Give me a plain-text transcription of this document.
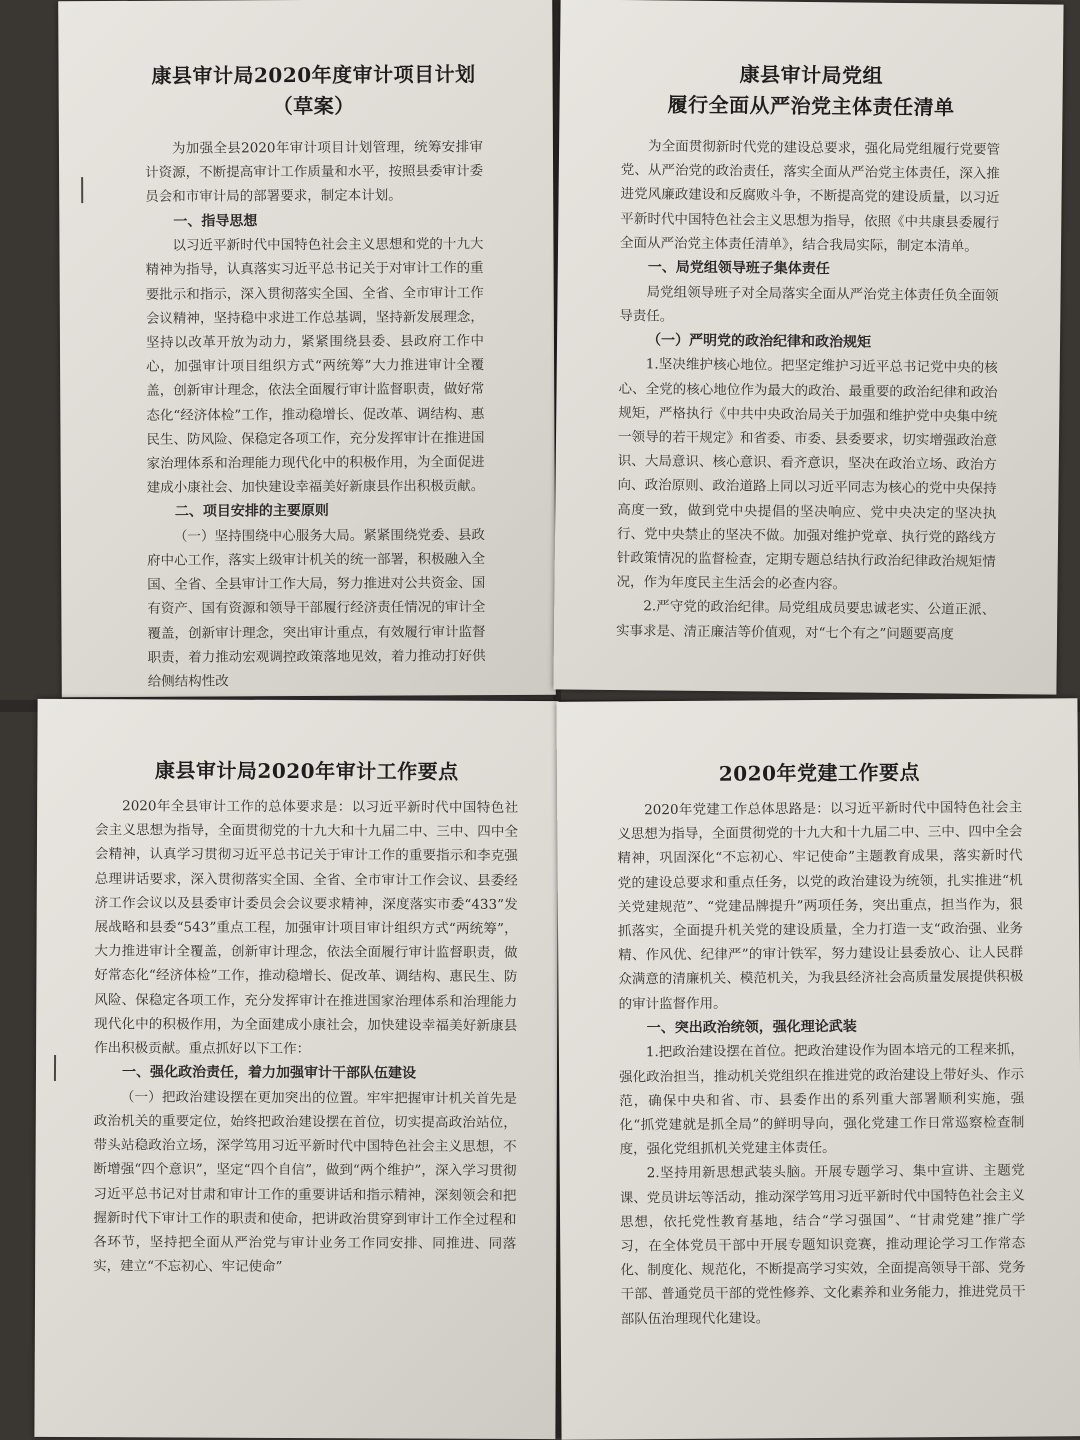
康县审计局2020年度审计项目计划
（草案）

为加强全县2020年审计项目计划管理，统筹安排审计资源，不断提高审计工作质量和水平，按照县委审计委员会和市审计局的部署要求，制定本计划。

一、指导思想

以习近平新时代中国特色社会主义思想和党的十九大精神为指导，认真落实习近平总书记关于对审计工作的重要批示和指示，深入贯彻落实全国、全省、全市审计工作会议精神，坚持稳中求进工作总基调，坚持新发展理念，坚持以改革开放为动力，紧紧围绕县委、县政府工作中心，加强审计项目组织方式“两统筹”大力推进审计全覆盖，创新审计理念，依法全面履行审计监督职责，做好常态化“经济体检”工作，推动稳增长、促改革、调结构、惠民生、防风险、保稳定各项工作，充分发挥审计在推进国家治理体系和治理能力现代化中的积极作用，为全面促进建成小康社会、加快建设幸福美好新康县作出积极贡献。

二、项目安排的主要原则

（一）坚持围绕中心服务大局。紧紧围绕党委、县政府中心工作，落实上级审计机关的统一部署，积极融入全国、全省、全县审计工作大局，努力推进对公共资金、国有资产、国有资源和领导干部履行经济责任情况的审计全覆盖，创新审计理念，突出审计重点，有效履行审计监督职责，着力推动宏观调控政策落地见效，着力推动打好供给侧结构性改

康县审计局党组
履行全面从严治党主体责任清单

为全面贯彻新时代党的建设总要求，强化局党组履行党要管党、从严治党的政治责任，落实全面从严治党主体责任，深入推进党风廉政建设和反腐败斗争，不断提高党的建设质量，以习近平新时代中国特色社会主义思想为指导，依照《中共康县委履行全面从严治党主体责任清单》，结合我局实际，制定本清单。

一、局党组领导班子集体责任

局党组领导班子对全局落实全面从严治党主体责任负全面领导责任。

（一）严明党的政治纪律和政治规矩

1.坚决维护核心地位。把坚定维护习近平总书记党中央的核心、全党的核心地位作为最大的政治、最重要的政治纪律和政治规矩，严格执行《中共中央政治局关于加强和维护党中央集中统一领导的若干规定》和省委、市委、县委要求，切实增强政治意识、大局意识、核心意识、看齐意识，坚决在政治立场、政治方向、政治原则、政治道路上同以习近平同志为核心的党中央保持高度一致，做到党中央提倡的坚决响应、党中央决定的坚决执行、党中央禁止的坚决不做。加强对维护党章、执行党的路线方针政策情况的监督检查，定期专题总结执行政治纪律政治规矩情况，作为年度民主生活会的必查内容。

2.严守党的政治纪律。局党组成员要忠诚老实、公道正派、实事求是、清正廉洁等价值观，对“七个有之”问题要高度

康县审计局2020年审计工作要点

2020年全县审计工作的总体要求是：以习近平新时代中国特色社会主义思想为指导，全面贯彻党的十九大和十九届二中、三中、四中全会精神，认真学习贯彻习近平总书记关于审计工作的重要指示和李克强总理讲话要求，深入贯彻落实全国、全省、全市审计工作会议、县委经济工作会议以及县委审计委员会会议要求精神，深度落实市委“433”发展战略和县委“543”重点工程，加强审计项目审计组织方式“两统筹”，大力推进审计全覆盖，创新审计理念，依法全面履行审计监督职责，做好常态化“经济体检”工作，推动稳增长、促改革、调结构、惠民生、防风险、保稳定各项工作，充分发挥审计在推进国家治理体系和治理能力现代化中的积极作用，为全面建成小康社会，加快建设幸福美好新康县作出积极贡献。重点抓好以下工作：

一、强化政治责任，着力加强审计干部队伍建设

（一）把政治建设摆在更加突出的位置。牢牢把握审计机关首先是政治机关的重要定位，始终把政治建设摆在首位，切实提高政治站位，带头站稳政治立场，深学笃用习近平新时代中国特色社会主义思想，不断增强“四个意识”，坚定“四个自信”，做到“两个维护”，深入学习贯彻习近平总书记对甘肃和审计工作的重要讲话和指示精神，深刻领会和把握新时代下审计工作的职责和使命，把讲政治贯穿到审计工作全过程和各环节，坚持把全面从严治党与审计业务工作同安排、同推进、同落实，建立“不忘初心、牢记使命”

2020年党建工作要点

2020年党建工作总体思路是：以习近平新时代中国特色社会主义思想为指导，全面贯彻党的十九大和十九届二中、三中、四中全会精神，巩固深化“不忘初心、牢记使命”主题教育成果，落实新时代党的建设总要求和重点任务，以党的政治建设为统领，扎实推进“机关党建规范”、“党建品牌提升”两项任务，突出重点，担当作为，狠抓落实，全面提升机关党的建设质量，全力打造一支“政治强、业务精、作风优、纪律严”的审计铁军，努力建设让县委放心、让人民群众满意的清廉机关、模范机关，为我县经济社会高质量发展提供积极的审计监督作用。

一、突出政治统领，强化理论武装

1.把政治建设摆在首位。把政治建设作为固本培元的工程来抓，强化政治担当，推动机关党组织在推进党的政治建设上带好头、作示范，确保中央和省、市、县委作出的系列重大部署顺利实施，强化“抓党建就是抓全局”的鲜明导向，强化党建工作日常巡察检查制度，强化党组抓机关党建主体责任。

2.坚持用新思想武装头脑。开展专题学习、集中宣讲、主题党课、党员讲坛等活动，推动深学笃用习近平新时代中国特色社会主义思想，依托党性教育基地，结合“学习强国”、“甘肃党建”推广学习，在全体党员干部中开展专题知识竞赛，推动理论学习工作常态化、制度化、规范化，不断提高学习实效，全面提高领导干部、党务干部、普通党员干部的党性修养、文化素养和业务能力，推进党员干部队伍治理现代化建设。
